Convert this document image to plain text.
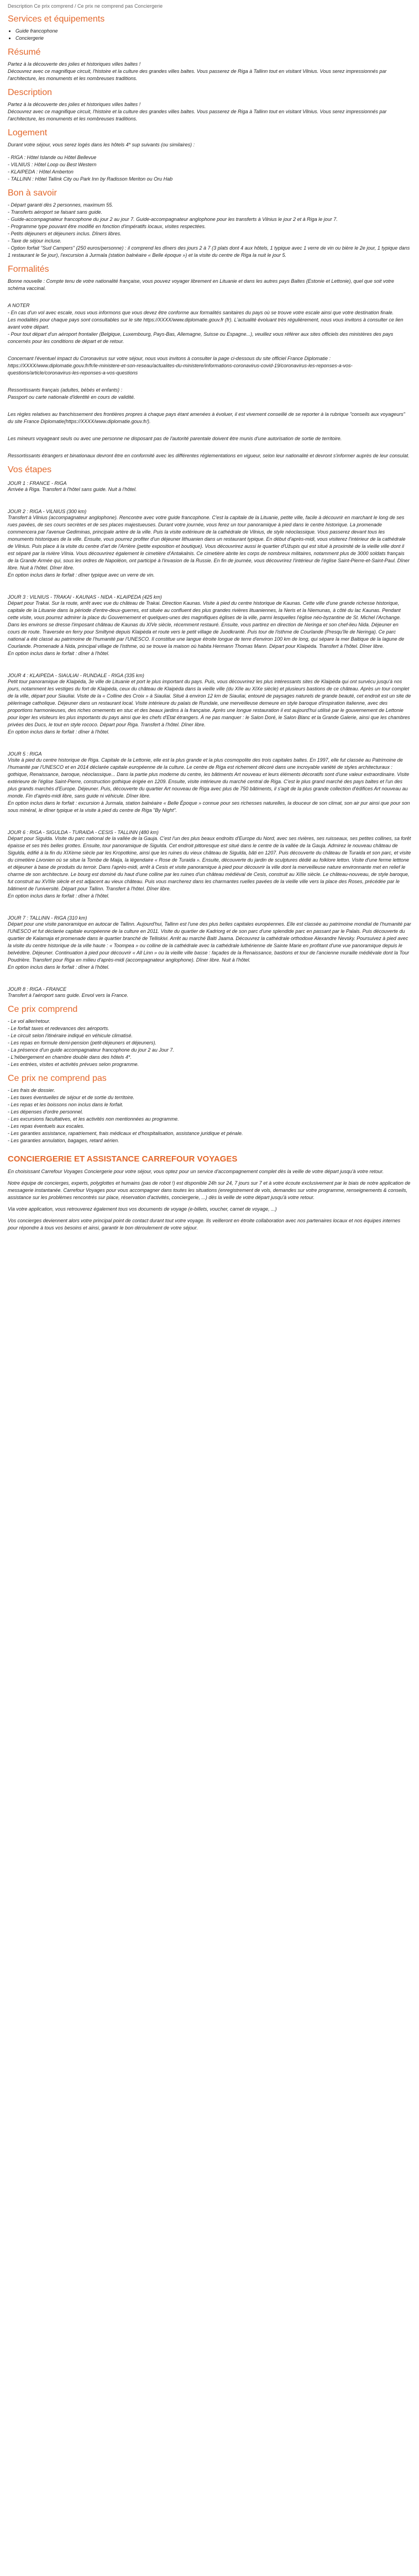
Description Ce prix comprend / Ce prix ne comprend pas Conciergerie
Services et équipements
• Guide francophone
• Conciergerie
Résumé
Partez à la découverte des jolies et historiques villes baltes !
Découvrez avec ce magnifique circuit, l'histoire et la culture des grandes villes baltes. Vous passerez de Riga à Tallinn tout en visitant Vilnius. Vous serez impressionnés par l'architecture, les monuments et les nombreuses traditions.
Description
Partez à la découverte des jolies et historiques villes baltes !
Découvrez avec ce magnifique circuit, l'histoire et la culture des grandes villes baltes. Vous passerez de Riga à Tallinn tout en visitant Vilnius. Vous serez impressionnés par l'architecture, les monuments et les nombreuses traditions.
Logement
Durant votre séjour, vous serez logés dans les hôtels 4* sup suivants (ou similaires) :
- RIGA : Hôtel Islande ou Hôtel Bellevue
- VILNIUS : Hôtel Loop ou Best Western
- KLAIPEDA : Hôtel Amberton
- TALLINN : Hôtel Tallink City ou Park Inn by Radisson Meriton ou Oru Hab
Bon à savoir
- Départ garanti dès 2 personnes, maximum 55.
- Transferts aéroport se faisant sans guide.
- Guide-accompagnateur francophone du jour 2 au jour 7. Guide-accompagnateur anglophone pour les transferts à Vilnius le jour 2 et à Riga le jour 7.
- Programme type pouvant être modifié en fonction d'impératifs locaux, visites respectées.
- Petits déjeuners et déjeuners inclus. Dîners libres.
- Taxe de séjour incluse.
- Option forfait "Sud Campers" (250 euros/personne) : il comprend les dîners des jours 2 à 7 (3 plats dont 4 aux hôtels, 1 typique avec 1 verre de vin ou bière le 2e jour, 1 typique dans 1 restaurant le 5e jour), l'excursion à Jurmala (station balnéaire « Belle époque ») et la visite du centre de Riga la nuit le jour 5.
Formalités

Bonne nouvelle : Compte tenu de votre nationalité française, vous pouvez voyager librement en Lituanie et dans les autres pays Baltes (Estonie et Lettonie), quel que soit votre schéma vaccinal.

A NOTER
- En cas d'un vol avec escale, nous vous informons que vous devez être conforme aux formalités sanitaires du pays où se trouve votre escale ainsi que votre destination finale.
Les modalités pour chaque pays sont consultables sur le site https://XXXX/www.diplomatie.gouv.fr (fr). L'actualité évoluant très régulièrement, nous vous invitons à consulter ce lien avant votre départ.
- Pour tout départ d'un aéroport frontalier (Belgique, Luxembourg, Pays-Bas, Allemagne, Suisse ou Espagne...), veuillez vous référer aux sites officiels des ministères des pays concernés pour les conditions de départ et de retour.

Concernant l'éventuel impact du Coronavirus sur votre séjour, nous vous invitons à consulter la page ci-dessous du site officiel France Diplomatie :
https://XXXX/www.diplomatie.gouv.fr/fr/le-ministere-et-son-reseau/actualites-du-ministere/informations-coronavirus-covid-19/coronavirus-les-reponses-a-vos-questions/article/coronavirus-les-reponses-a-vos-questions

Ressortissants français (adultes, bébés et enfants) :
Passport ou carte nationale d'identité en cours de validité.

Les règles relatives au franchissement des frontières propres à chaque pays étant amenées à évoluer, il est vivement conseillé de se reporter à la rubrique "conseils aux voyageurs" du site France Diplomatie(https://XXXX/www.diplomatie.gouv.fr/).

Les mineurs voyageant seuls ou avec une personne ne disposant pas de l'autorité parentale doivent être munis d'une autorisation de sortie de territoire.

Ressortissants étrangers et binationaux devront être en conformité avec les différentes réglementations en vigueur, selon leur nationalité et devront s'informer auprès de leur consulat.

Vos étapes
JOUR 1 : FRANCE - RIGA

Arrivée à Riga. Transfert à l'hôtel sans guide. Nuit à l'hôtel.

JOUR 2 : RIGA - VILNIUS (300 km)

Transfert à Vilnius (accompagnateur anglophone). Rencontre avec votre guide francophone. C'est la capitale de la Lituanie, petite ville, facile à découvrir en marchant le long de ses rues pavées, de ses cours secrètes et de ses places majestueuses. Durant votre journée, vous ferez un tour panoramique à pied dans le centre historique. La promenade commencera par l'avenue Gediminas, principale artère de la ville. Puis la visite extérieure de la cathédrale de Vilnius, de style néoclassique. Vous passerez devant tous les monuments historiques de la ville. Ensuite, vous pourrez profiter d'un déjeuner lithuanien dans un restaurant typique. En début d'après-midi, vous visiterez l'intérieur de la cathédrale de Vilnius. Puis place à la visite du centre d'art de l'Arrière (petite exposition et boutique). Vous découvrirez aussi le quartier d'Užupis qui est situé à proximité de la vieille ville dont il est séparé par la rivière Vilnia. Vous découvrirez également le cimetière d'Antakalnis. Ce cimetière abrite les corps de nombreux militaires, notamment plus de 3000 soldats français de la Grande Armée qui, sous les ordres de Napoléon, ont participé à l'invasion de la Russie. En fin de journée, vous découvrirez l'intérieur de l'église Saint-Pierre-et-Saint-Paul. Dîner libre. Nuit à l'hôtel. Dîner libre.
En option inclus dans le forfait : dîner typique avec un verre de vin.

JOUR 3 : VILNIUS - TRAKAI - KAUNAS - NIDA - KLAIPEDA (425 km)

Départ pour Trakai. Sur la route, arrêt avec vue du château de Trakai. Direction Kaunas. Visite à pied du centre historique de Kaunas. Cette ville d'une grande richesse historique, capitale de la Lituanie dans la période d'entre-deux-guerres, est située au confluent des plus grandes rivières lituaniennes, la Neris et la Niemunas, à côté du lac Kaunas. Pendant cette visite, vous pourrez admirer la place du Gouvernement et quelques-unes des magnifiques églises de la ville, parmi lesquelles l'église néo-byzantine de St. Michel l'Archange. Dans les environs se dresse l'imposant château de Kaunas du XIVe siècle, récemment restauré. Ensuite, vous partirez en direction de Neringa et son chef-lieu Nida. Déjeuner en cours de route. Traversée en ferry pour Smiltynė depuis Klaipėda et route vers le petit village de Juodkrantė. Puis tour de l'isthme de Courlande (Presqu'île de Neringa). Ce parc national a été classé au patrimoine de l'humanité par l'UNESCO. Il constitue une langue étroite longue de terre d'environ 100 km de long, qui sépare la mer Baltique de la lagune de Courlande. Promenade à Nida, principal village de l'isthme, où se trouve la maison où habita Hermann Thomas Mann. Départ pour Klaipėda. Transfert à l'hôtel. Dîner libre.
En option inclus dans le forfait : dîner à l'hôtel.

JOUR 4 : KLAIPEDA - SIAULIAI - RUNDALE - RIGA (335 km)

Petit tour panoramique de Klaipėda, 3e ville de Lituanie et port le plus important du pays. Puis, vous découvrirez les plus intéressants sites de Klaipėda qui ont survécu jusqu'à nos jours, notamment les vestiges du fort de Klaipėda, ceux du château de Klaipėda dans la vieille ville (du XIIe au XIXe siècle) et plusieurs bastions de ce château. Après un tour complet de la ville, départ pour Siauliai. Visite de la « Colline des Croix » à Siauliai. Situé à environ 12 km de Siauliai, entouré de paysages naturels de grande beauté, cet endroit est un site de pèlerinage catholique. Déjeuner dans un restaurant local. Visite intérieure du palais de Rundale, une merveilleuse demeure en style baroque d'inspiration italienne, avec des proportions harmonieuses, des riches ornements en stuc et des beaux jardins à la française. Après une longue restauration il est aujourd'hui utilisé par le gouvernement de Lettonie pour loger les visiteurs les plus importants du pays ainsi que les chefs d'Etat étrangers. À ne pas manquer : le Salon Doré, le Salon Blanc et la Grande Galerie, ainsi que les chambres privées des Ducs, le tout en style rococo. Départ pour Riga. Transfert à l'hôtel. Dîner libre.
En option inclus dans le forfait : dîner à l'hôtel.

JOUR 5 : RIGA

Visite à pied du centre historique de Riga. Capitale de la Lettonie, elle est la plus grande et la plus cosmopolite des trois capitales baltes. En 1997, elle fut classée au Patrimoine de l'humanité par l'UNESCO et en 2014 déclarée capitale européenne de la culture. Le centre de Riga est richement décoré dans une incroyable variété de styles architecturaux : gothique, Renaissance, baroque, néoclassique... Dans la partie plus moderne du centre, les bâtiments Art nouveau et leurs éléments décoratifs sont d'une valeur extraordinaire. Visite extérieure de l'église Saint-Pierre, construction gothique érigée en 1209. Ensuite, visite intérieure du marché central de Riga. C'est le plus grand marché des pays baltes et l'un des plus grands marchés d'Europe. Déjeuner. Puis, découverte du quartier Art nouveau de Riga avec plus de 750 bâtiments, il s'agit de la plus grande collection d'édifices Art nouveau au monde. Fin d'après-midi libre, sans guide ni véhicule. Dîner libre.
En option inclus dans le forfait : excursion à Jurmala, station balnéaire « Belle Époque » connue pour ses richesses naturelles, la douceur de son climat, son air pur ainsi que pour son sous minéral, le dîner typique et la visite à pied du centre de Riga "By Night".

JOUR 6 : RIGA - SIGULDA - TURAIDA - CESIS - TALLINN (480 km)

Départ pour Sigulda. Visite du parc national de la vallée de la Gauja. C'est l'un des plus beaux endroits d'Europe du Nord, avec ses rivières, ses ruisseaux, ses petites collines, sa forêt épaisse et ses très belles grottes. Ensuite, tour panoramique de Sigulda. Cet endroit pittoresque est situé dans le centre de la vallée de la Gauja. Admirez le nouveau château de Sigulda, édifié à la fin du XIXème siècle par les Kropotkine, ainsi que les ruines du vieux château de Sigulda, bâti en 1207. Puis découverte du château de Turaida et son parc, et visite du cimetière Livonien où se situe la Tombe de Maija, la légendaire « Rose de Turaida ». Ensuite, découverte du jardin de sculptures dédié au folklore letton. Visite d'une ferme letttone et déjeuner à base de produits du terroir. Dans l'après-midi, arrêt à Cesis et visite panoramique à pied pour découvrir la ville dont la merveilleuse nature environnante met en relief le charme de son architecture. Le bourg est dominé du haut d'une colline par les ruines d'un château médiéval de Cesis, construit au XIIIe siècle. Le château-nouveau, de style baroque, fut construit au XVIIIe siècle et est adjacent au vieux château. Puis vous marcherez dans les charmantes ruelles pavées de la vieille ville vers la place des Roses, précédée par le bâtiment de l'université. Départ pour Tallinn. Transfert à l'hôtel. Dîner libre.
En option inclus dans le forfait : dîner à l'hôtel.

JOUR 7 : TALLINN - RIGA (310 km)

Départ pour une visite panoramique en autocar de Tallinn. Aujourd'hui, Tallinn est l'une des plus belles capitales européennes. Elle est classée au patrimoine mondial de l'humanité par l'UNESCO et fut déclarée capitale européenne de la culture en 2011. Visite du quartier de Kadriorg et de son parc d'une splendide parc en passant par le Palais. Puis découverte du quartier de Kalamaja et promenade dans le quartier branché de Telliskivi. Arrêt au marché Balti Jaama. Découvrez la cathédrale orthodoxe Alexandre Nevsky. Poursuivez à pied avec la visite du centre historique de la ville haute : « Toompea » ou colline de la cathédrale avec la cathédrale luthérienne de Sainte Marie en profitant d'une vue panoramique depuis le belvédère. Déjeuner. Continuation à pied pour découvrir « All Linn » ou la vieille ville basse : façades de la Renaissance, bastions et tour de l'ancienne muraille médiévale dont la Tour Poudrière. Transfert pour Riga en milieu d'après-midi (accompagnateur anglophone). Dîner libre. Nuit à l'hôtel.
En option inclus dans le forfait : dîner à l'hôtel.

JOUR 8 : RIGA - FRANCE

Transfert à l'aéroport sans guide. Envol vers la France.

Ce prix comprend
- Le vol aller/retour.
- Le forfait taxes et redevances des aéroports.
- Le circuit selon l'itinéraire indiqué en véhicule climatisé.
- Les repas en formule demi-pension (petit-déjeuners et déjeuners).
- La présence d'un guide accompagnateur francophone du jour 2 au Jour 7.
- L'hébergement en chambre double dans des hôtels 4*.
- Les entrées, visites et activités prévues selon programme.
Ce prix ne comprend pas
- Les frais de dossier.
- Les taxes éventuelles de séjour et de sortie du territoire.
- Les repas et les boissons non inclus dans le forfait.
- Les dépenses d'ordre personnel.
- Les excursions facultatives, et les activités non mentionnées au programme.
- Les repas éventuels aux escales.
- Les garanties assistance, rapatriement, frais médicaux et d'hospitalisation, assistance juridique et pénale.
- Les garanties annulation, bagages, retard aérien.
CONCIERGERIE ET ASSISTANCE CARREFOUR VOYAGES

En choisissant Carrefour Voyages Conciergerie pour votre séjour, vous optez pour un service d'accompagnement complet dès la veille de votre départ jusqu'à votre retour.

Notre équipe de concierges, experts, polyglottes et humains (pas de robot !) est disponible 24h sur 24, 7 jours sur 7 et à votre écoute exclusivement par le biais de notre application de messagerie instantanée. Carrefour Voyages pour vous accompagner dans toutes les situations (enregistrement de vols, demandes sur votre programme, renseignements & conseils, assistance sur les problèmes rencontrés sur place, réservation d'activités, conciergerie, ...) dès la veille de votre départ jusqu'à votre retour.

Via votre application, vous retrouverez également tous vos documents de voyage (e-billets, voucher, carnet de voyage, ...)

Vos concierges deviennent alors votre principal point de contact durant tout votre voyage. Ils veilleront en étroite collaboration avec nos partenaires locaux et nos équipes internes pour répondre à tous vos besoins et ainsi, garantir le bon déroulement de votre séjour.
